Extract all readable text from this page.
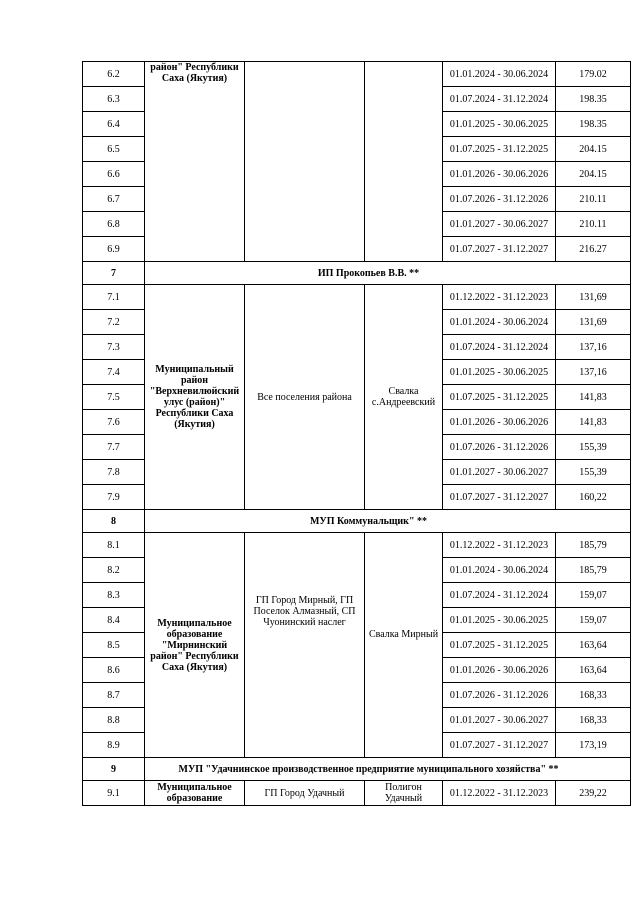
6.2	район" Республики Саха (Якутия)			01.01.2024 - 30.06.2024	179.02
6.3				01.07.2024 - 31.12.2024	198.35
6.4				01.01.2025 - 30.06.2025	198.35
6.5				01.07.2025 - 31.12.2025	204.15
6.6				01.01.2026 - 30.06.2026	204.15
6.7				01.07.2026 - 31.12.2026	210.11
6.8				01.01.2027 - 30.06.2027	210.11
6.9				01.07.2027 - 31.12.2027	216.27
7	ИП Прокопьев В.В. **				
7.1	Муниципальный район "Верхневилюйский улус (район)" Республики Саха (Якутия)	Все поселения района	Свалка с.Андреевский	01.12.2022 - 31.12.2023	131,69
7.2				01.01.2024 - 30.06.2024	131,69
7.3				01.07.2024 - 31.12.2024	137,16
7.4				01.01.2025 - 30.06.2025	137,16
7.5				01.07.2025 - 31.12.2025	141,83
7.6				01.01.2026 - 30.06.2026	141,83
7.7				01.07.2026 - 31.12.2026	155,39
7.8				01.01.2027 - 30.06.2027	155,39
7.9				01.07.2027 - 31.12.2027	160,22
8	МУП Коммунальщик" **				
8.1	Муниципальное образование "Мирнинский район" Республики Саха (Якутия)	ГП Город Мирный, ГП Поселок Алмазный, СП Чуонинский наслег	Свалка Мирный	01.12.2022 - 31.12.2023	185,79
8.2				01.01.2024 - 30.06.2024	185,79
8.3				01.07.2024 - 31.12.2024	159,07
8.4				01.01.2025 - 30.06.2025	159,07
8.5				01.07.2025 - 31.12.2025	163,64
8.6				01.01.2026 - 30.06.2026	163,64
8.7				01.07.2026 - 31.12.2026	168,33
8.8				01.01.2027 - 30.06.2027	168,33
8.9				01.07.2027 - 31.12.2027	173,19
9	МУП "Удачнинское производственное предприятие муниципального хозяйства" **				
9.1	Муниципальное образование	ГП Город Удачный	Полигон Удачный	01.12.2022 - 31.12.2023	239,22
